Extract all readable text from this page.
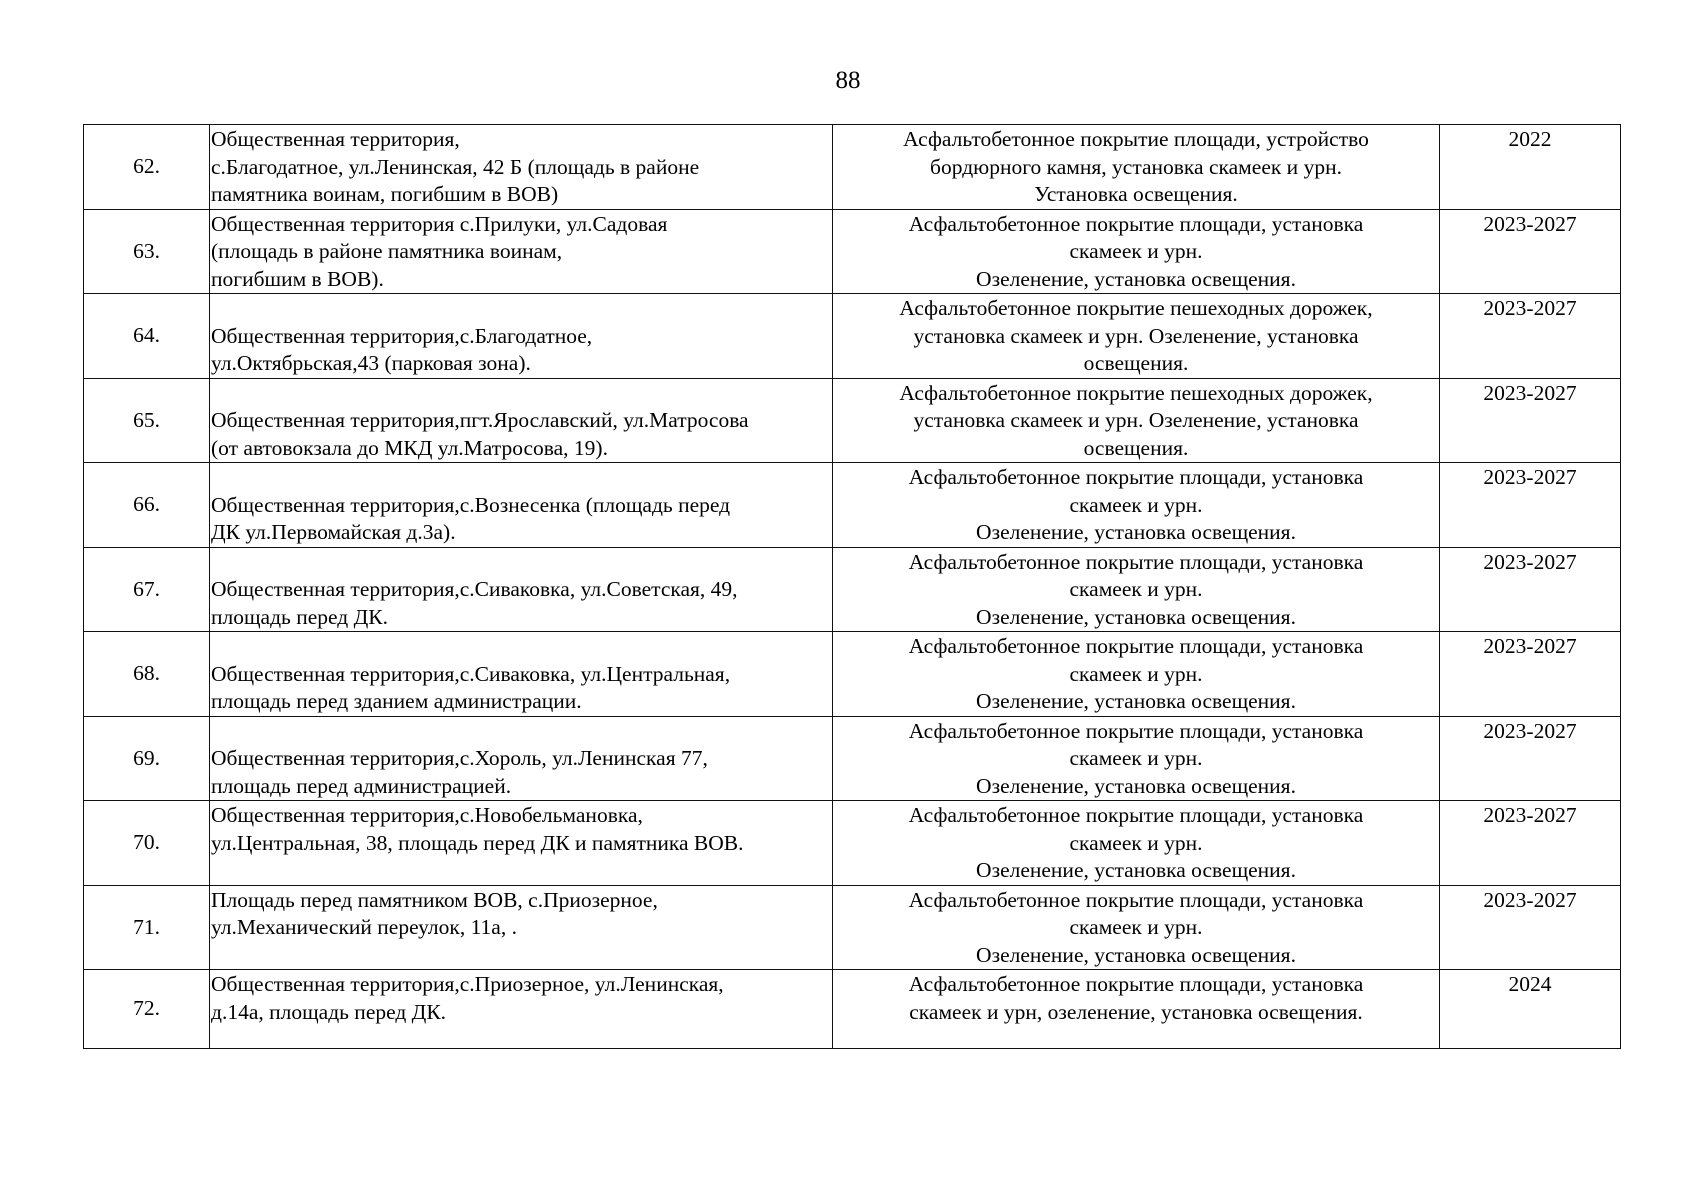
88
62.	Общественная территория,
с.Благодатное, ул.Ленинская, 42 Б (площадь в районе
памятника воинам, погибшим в ВОВ)	Асфальтобетонное покрытие площади, устройство
бордюрного камня, установка скамеек и урн.
Установка освещения.	2022

63.	Общественная территория с.Прилуки, ул.Садовая
(площадь в районе памятника воинам,
погибшим в ВОВ).	Асфальтобетонное покрытие площади, установка
скамеек и урн.
Озеленение, установка освещения.	2023-2027

64.	
Общественная территория,с.Благодатное,
ул.Октябрьская,43 (парковая зона).	Асфальтобетонное покрытие пешеходных дорожек,
установка скамеек и урн. Озеленение, установка
освещения.	2023-2027

65.	
Общественная территория,пгт.Ярославский, ул.Матросова
(от автовокзала до МКД ул.Матросова, 19).	Асфальтобетонное покрытие пешеходных дорожек,
установка скамеек и урн. Озеленение, установка
освещения.	2023-2027

66.	
Общественная территория,с.Вознесенка (площадь перед
ДК ул.Первомайская д.3а).	Асфальтобетонное покрытие площади, установка
скамеек и урн.
Озеленение, установка освещения.	2023-2027

67.	
Общественная территория,с.Сиваковка, ул.Советская, 49,
площадь перед ДК.	Асфальтобетонное покрытие площади, установка
скамеек и урн.
Озеленение, установка освещения.	2023-2027

68.	
Общественная территория,с.Сиваковка, ул.Центральная,
площадь перед зданием администрации.	Асфальтобетонное покрытие площади, установка
скамеек и урн.
Озеленение, установка освещения.	2023-2027

69.	
Общественная территория,с.Хороль, ул.Ленинская 77,
площадь перед администрацией.	Асфальтобетонное покрытие площади, установка
скамеек и урн.
Озеленение, установка освещения.	2023-2027

70.	Общественная территория,с.Новобельмановка,
ул.Центральная, 38, площадь перед ДК и памятника ВОВ.	Асфальтобетонное покрытие площади, установка
скамеек и урн.
Озеленение, установка освещения.	2023-2027

71.	Площадь перед памятником ВОВ, с.Приозерное,
ул.Механический переулок, 11а, .	Асфальтобетонное покрытие площади, установка
скамеек и урн.
Озеленение, установка освещения.	2023-2027

72.	Общественная территория,с.Приозерное, ул.Ленинская,
д.14а, площадь перед ДК.	Асфальтобетонное покрытие площади, установка
скамеек и урн, озеленение, установка освещения.	2024
